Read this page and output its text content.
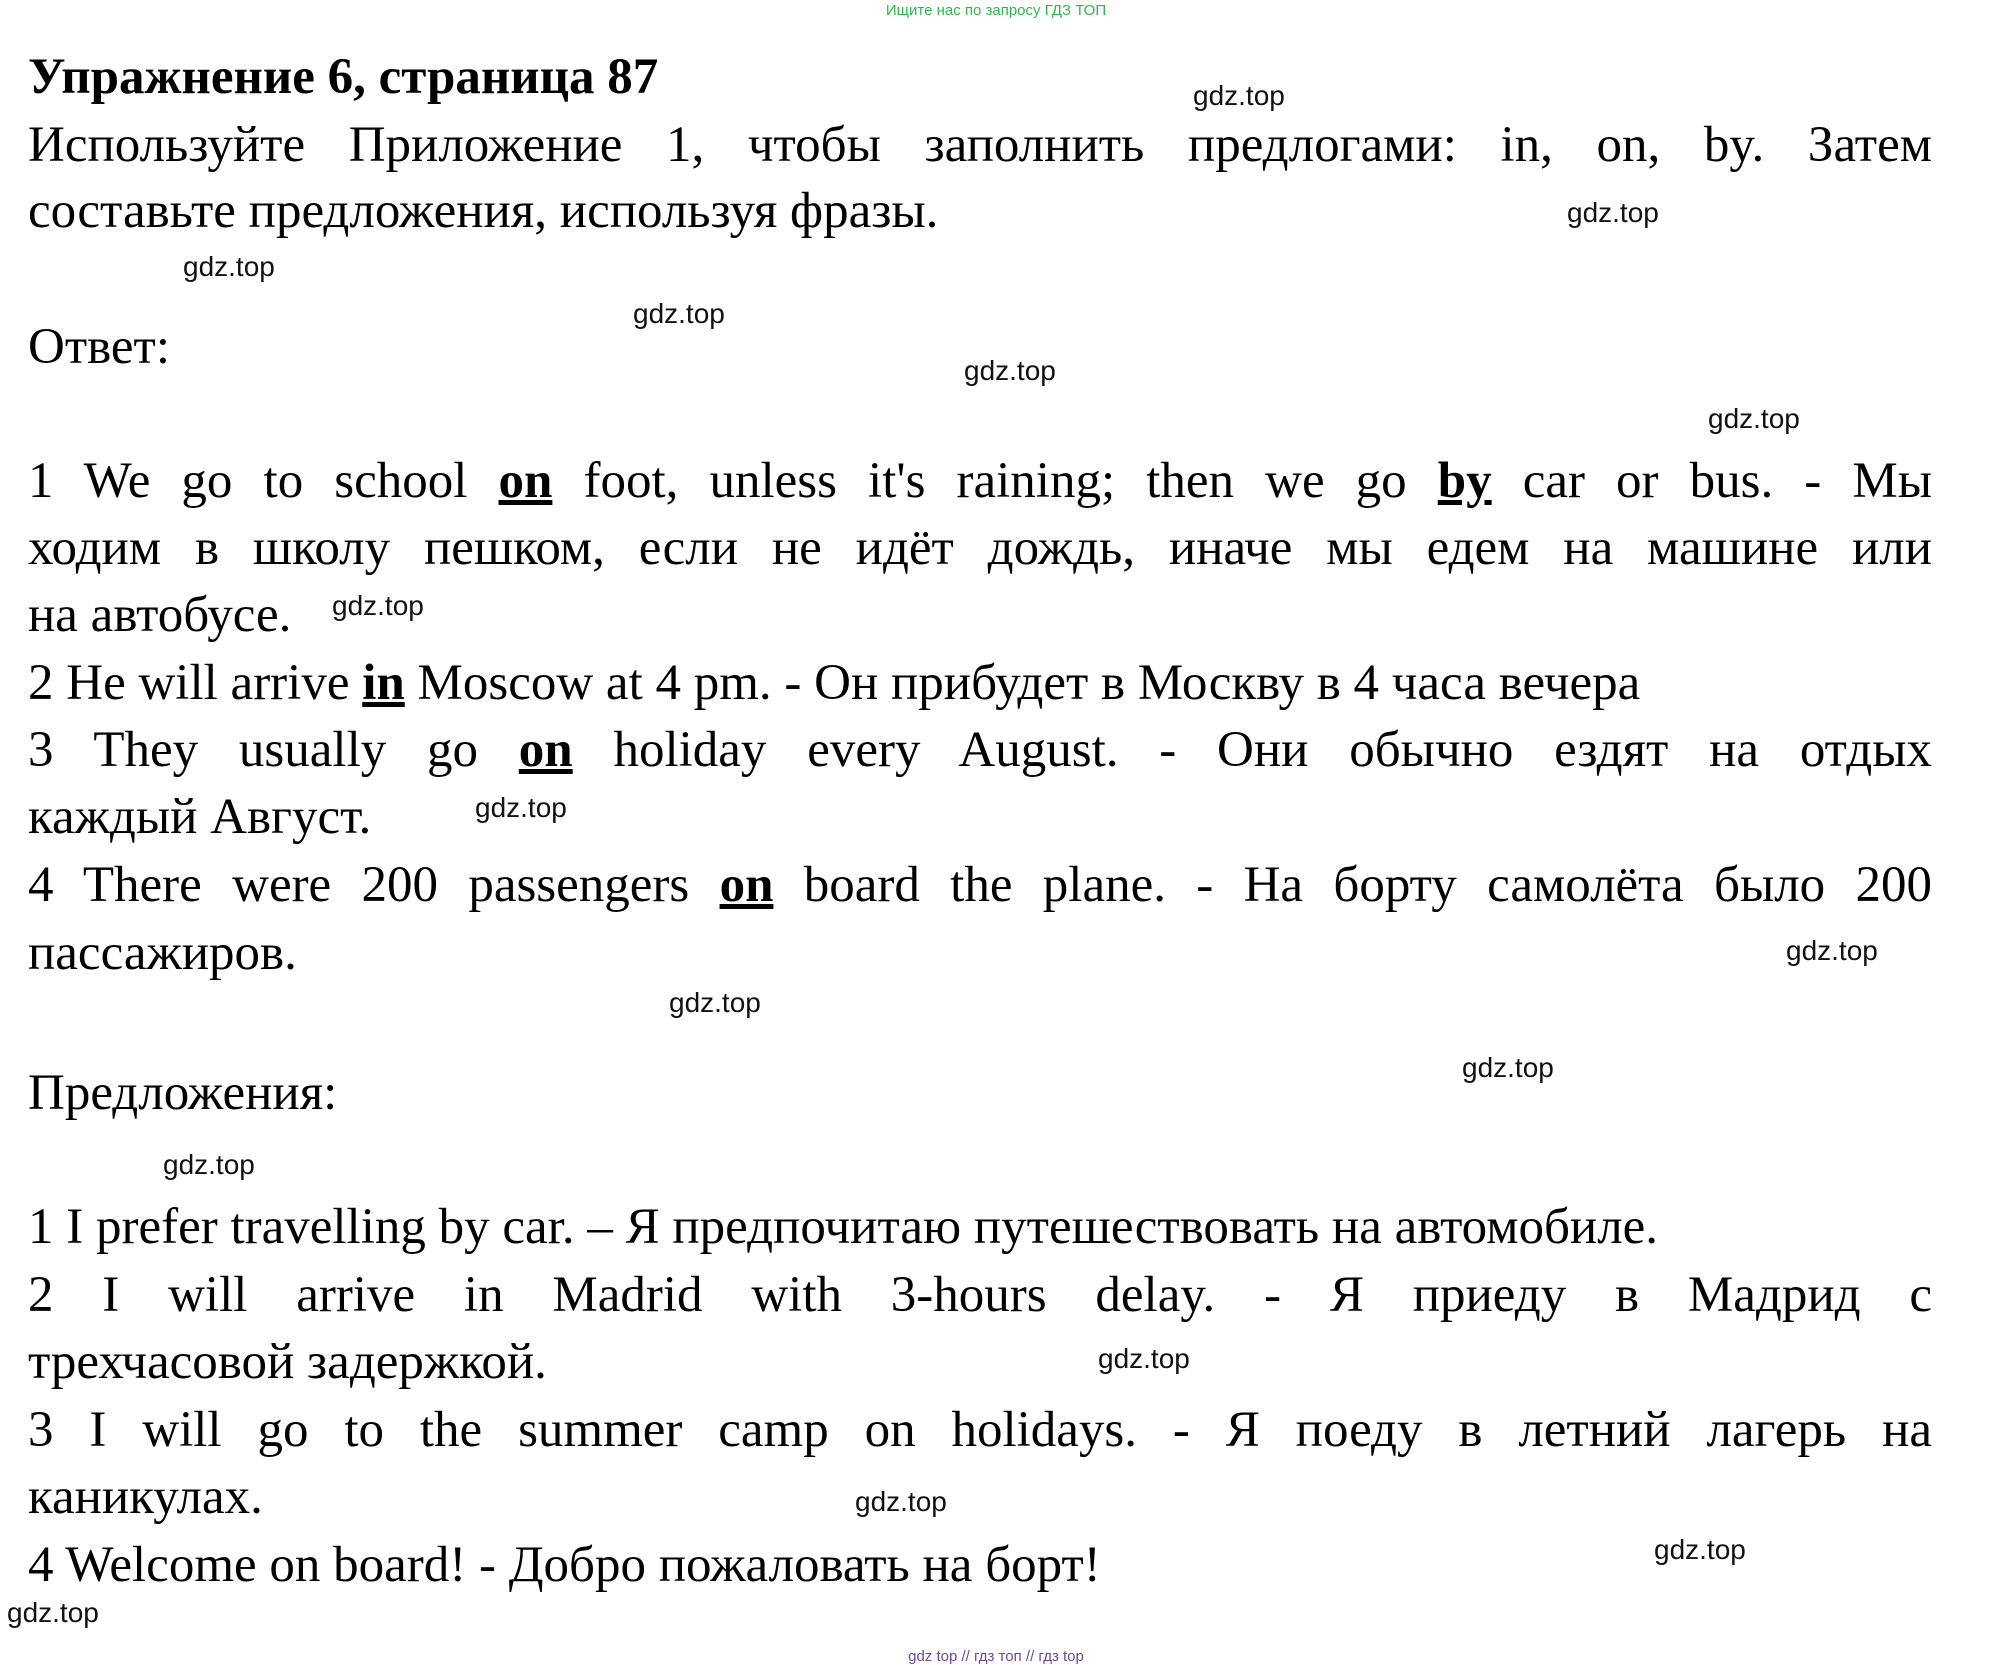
Ищите нас по запросу ГДЗ ТОП
Упражнение 6, страница 87
Используйте Приложение 1, чтобы заполнить предлогами: in, on, by. Затем
составьте предложения, используя фразы.
Ответ:
1 We go to school on foot, unless it's raining; then we go by car or bus. - Мы
ходим в школу пешком, если не идёт дождь, иначе мы едем на машине или
на автобусе.
2 He will arrive in Moscow at 4 pm. - Он прибудет в Москву в 4 часа вечера
3 They usually go on holiday every August. - Они обычно ездят на отдых
каждый Август.
4 There were 200 passengers on board the plane. - На борту самолёта было 200
пассажиров.
Предложения:
1 I prefer travelling by car. – Я предпочитаю путешествовать на автомобиле.
2 I will arrive in Madrid with 3-hours delay. - Я приеду в Мадрид с
трехчасовой задержкой.
3 I will go to the summer camp on holidays. - Я поеду в летний лагерь на
каникулах.
4 Welcome on board! - Добро пожаловать на борт!
gdz.top
gdz.top
gdz.top
gdz.top
gdz.top
gdz.top
gdz.top
gdz.top
gdz.top
gdz.top
gdz.top
gdz.top
gdz.top
gdz.top
gdz.top
gdz.top
gdz top // гдз топ // гдз top
